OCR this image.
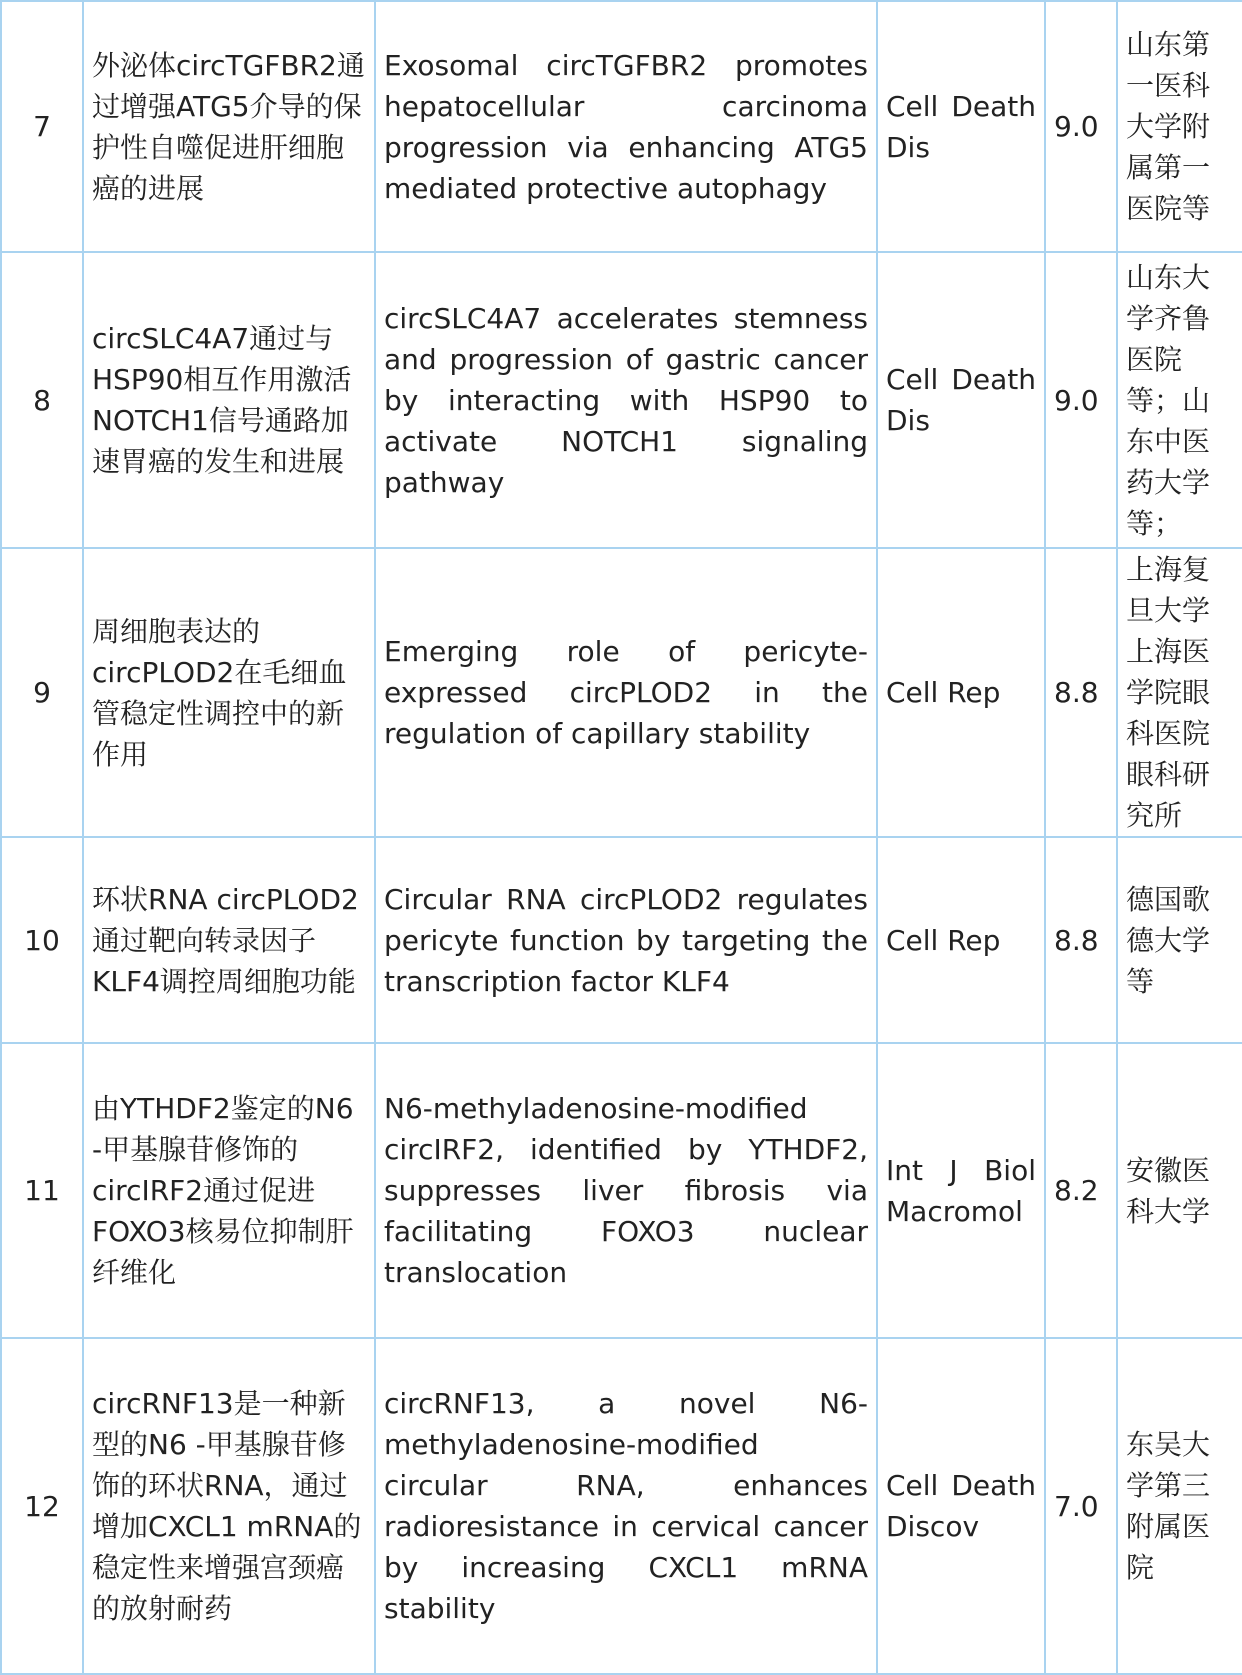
7	外泌体circTGFBR2通过增强ATG5介导的保护性自噬促进肝细胞癌的进展	Exosomal circTGFBR2 promotes hepatocellular carcinoma progression via enhancing ATG5 mediated protective autophagy	Cell Death Dis	9.0	山东第一医科大学附属第一医院等
8	circSLC4A7通过与HSP90相互作用激活NOTCH1信号通路加速胃癌的发生和进展	circSLC4A7 accelerates stemness and progression of gastric cancer by interacting with HSP90 to activate NOTCH1 signaling pathway	Cell Death Dis	9.0	山东大学齐鲁医院等；山东中医药大学等；
9	周细胞表达的circPLOD2在毛细血管稳定性调控中的新作用	Emerging role of pericyte-expressed circPLOD2 in the regulation of capillary stability	Cell Rep	8.8	上海复旦大学上海医学院眼科医院眼科研究所
10	环状RNA circPLOD2通过靶向转录因子KLF4调控周细胞功能	Circular RNA circPLOD2 regulates pericyte function by targeting the transcription factor KLF4	Cell Rep	8.8	德国歌德大学等
11	由YTHDF2鉴定的N6 -甲基腺苷修饰的circIRF2通过促进FOXO3核易位抑制肝纤维化	N6-methyladenosine-modified circIRF2, identified by YTHDF2, suppresses liver fibrosis via facilitating FOXO3 nuclear translocation	Int J Biol Macromol	8.2	安徽医科大学
12	circRNF13是一种新型的N6 -甲基腺苷修饰的环状RNA，通过增加CXCL1 mRNA的稳定性来增强宫颈癌的放射耐药	circRNF13, a novel N6-methyladenosine-modified circular RNA, enhances radioresistance in cervical cancer by increasing CXCL1 mRNA stability	Cell Death Discov	7.0	东吴大学第三附属医院
